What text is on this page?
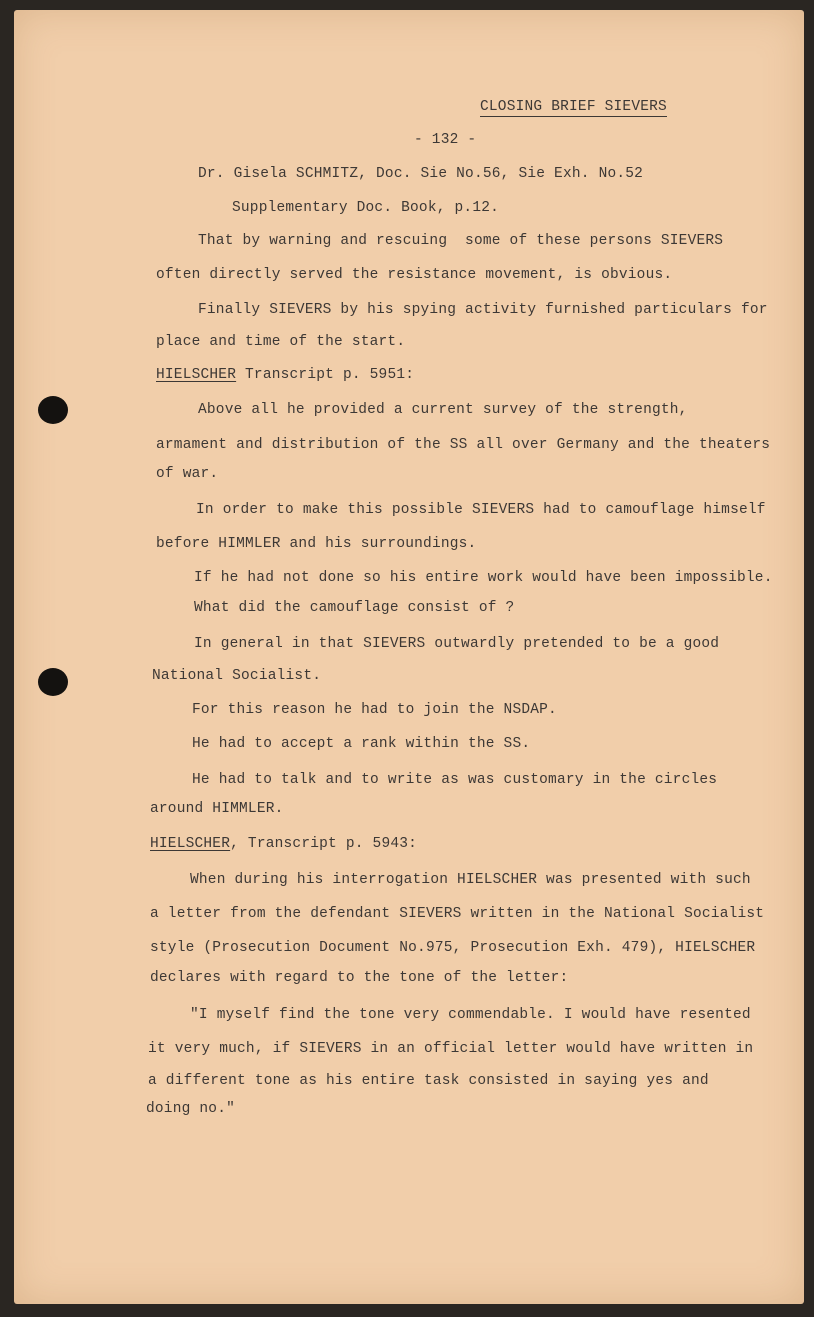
CLOSING BRIEF SIEVERS
- 132 -
Dr. Gisela SCHMITZ, Doc. Sie No.56, Sie Exh. No.52
Supplementary Doc. Book, p.12.
That by warning and rescuing  some of these persons SIEVERS
often directly served the resistance movement, is obvious.
Finally SIEVERS by his spying activity furnished particulars for
place and time of the start.
HIELSCHER Transcript p. 5951:
Above all he provided a current survey of the strength,
armament and distribution of the SS all over Germany and the theaters
of war.
In order to make this possible SIEVERS had to camouflage himself
before HIMMLER and his surroundings.
If he had not done so his entire work would have been impossible.
What did the camouflage consist of ?
In general in that SIEVERS outwardly pretended to be a good
National Socialist.
For this reason he had to join the NSDAP.
He had to accept a rank within the SS.
He had to talk and to write as was customary in the circles
around HIMMLER.
HIELSCHER, Transcript p. 5943:
When during his interrogation HIELSCHER was presented with such
a letter from the defendant SIEVERS written in the National Socialist
style (Prosecution Document No.975, Prosecution Exh. 479), HIELSCHER
declares with regard to the tone of the letter:
"I myself find the tone very commendable. I would have resented
it very much, if SIEVERS in an official letter would have written in
a different tone as his entire task consisted in saying yes and
doing no."
